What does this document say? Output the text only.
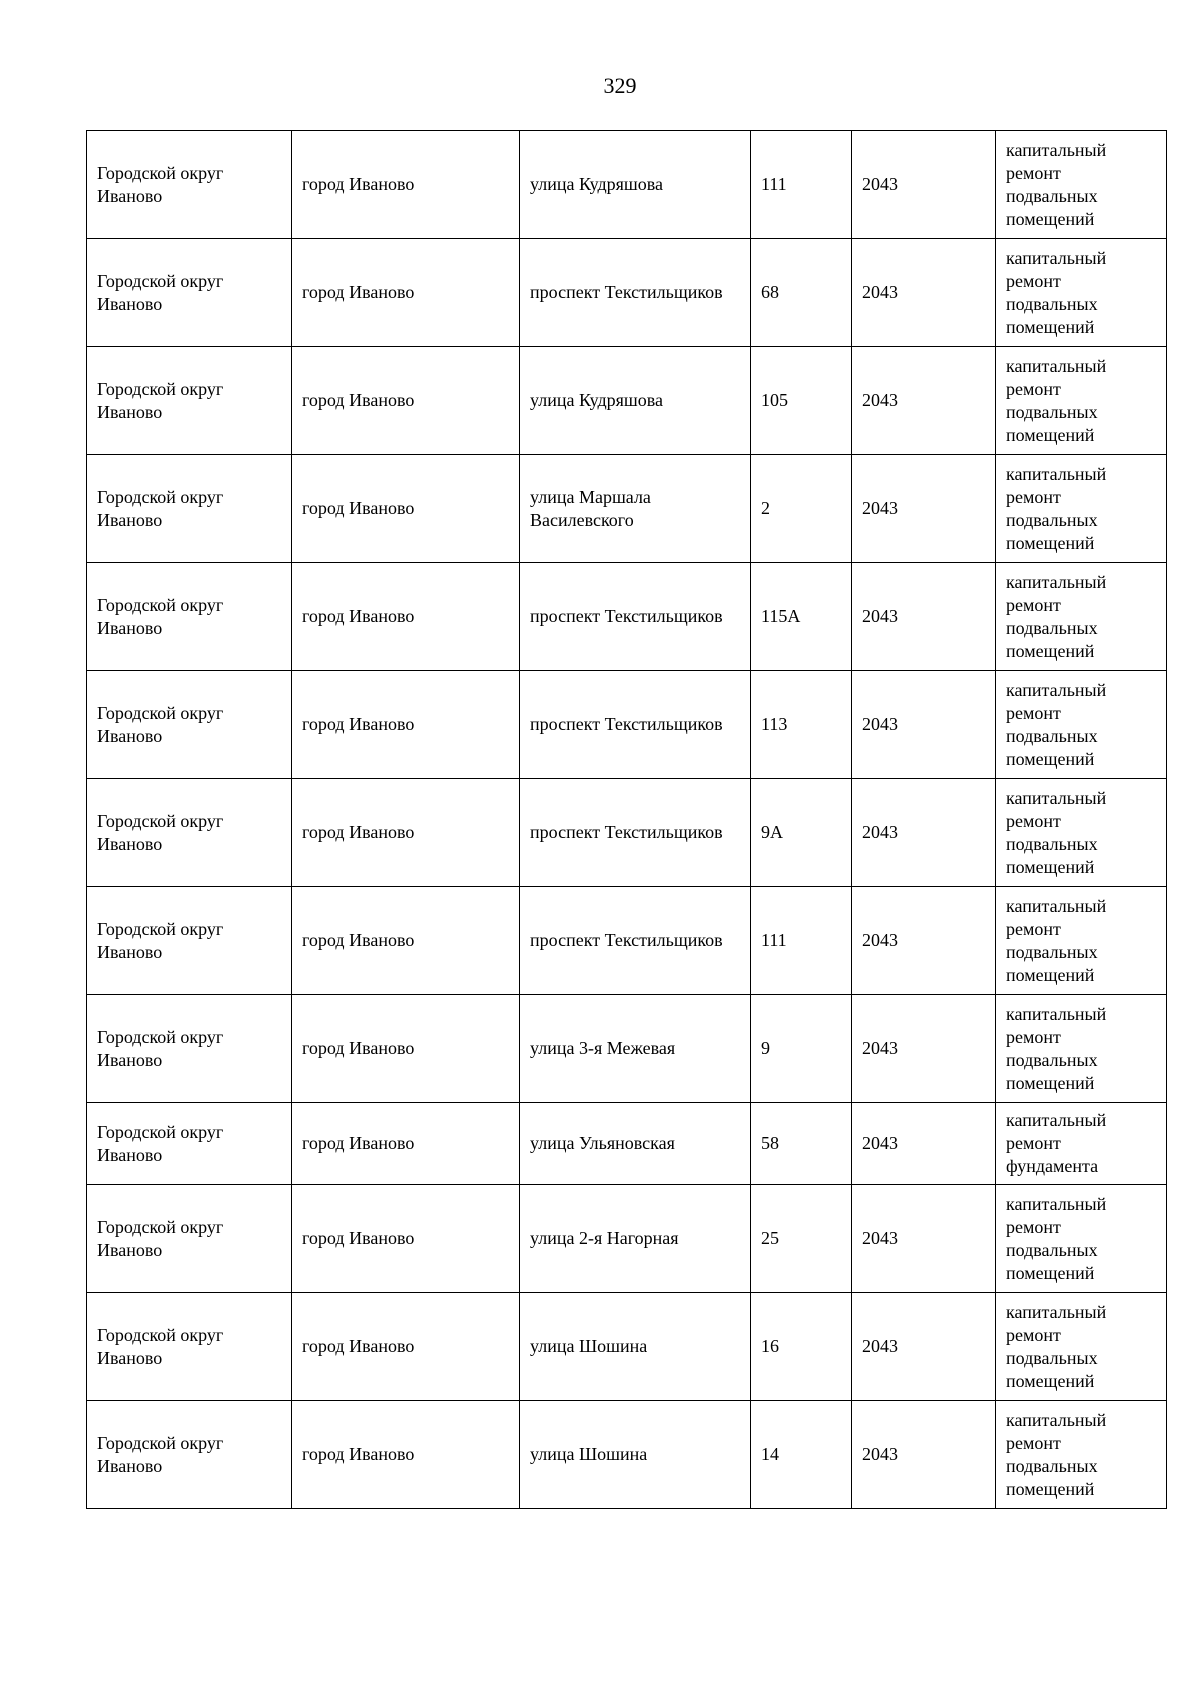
329
Городской округ Иваново	город Иваново	улица Кудряшова	111	2043	капитальный ремонт подвальных помещений
Городской округ Иваново	город Иваново	проспект Текстильщиков	68	2043	капитальный ремонт подвальных помещений
Городской округ Иваново	город Иваново	улица Кудряшова	105	2043	капитальный ремонт подвальных помещений
Городской округ Иваново	город Иваново	улица Маршала Василевского	2	2043	капитальный ремонт подвальных помещений
Городской округ Иваново	город Иваново	проспект Текстильщиков	115А	2043	капитальный ремонт подвальных помещений
Городской округ Иваново	город Иваново	проспект Текстильщиков	113	2043	капитальный ремонт подвальных помещений
Городской округ Иваново	город Иваново	проспект Текстильщиков	9А	2043	капитальный ремонт подвальных помещений
Городской округ Иваново	город Иваново	проспект Текстильщиков	111	2043	капитальный ремонт подвальных помещений
Городской округ Иваново	город Иваново	улица 3-я Межевая	9	2043	капитальный ремонт подвальных помещений
Городской округ Иваново	город Иваново	улица Ульяновская	58	2043	капитальный ремонт фундамента
Городской округ Иваново	город Иваново	улица 2-я Нагорная	25	2043	капитальный ремонт подвальных помещений
Городской округ Иваново	город Иваново	улица Шошина	16	2043	капитальный ремонт подвальных помещений
Городской округ Иваново	город Иваново	улица Шошина	14	2043	капитальный ремонт подвальных помещений
